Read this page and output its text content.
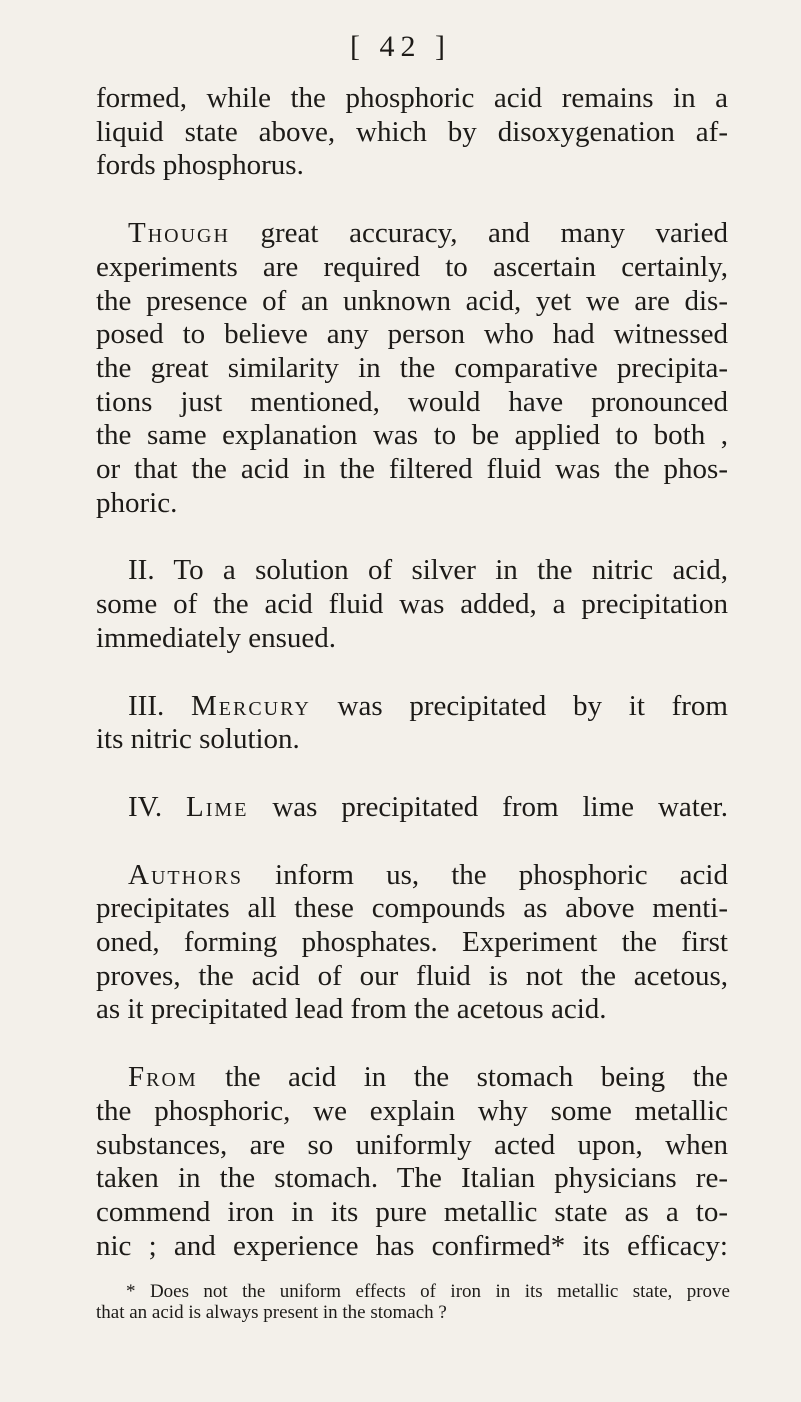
[ 42 ]

formed, while the phosphoric acid remains in a
liquid state above, which by disoxygenation af-
fords phosphorus.

Though great accuracy, and many varied
experiments are required to ascertain certainly,
the presence of an unknown acid, yet we are dis-
posed to believe any person who had witnessed
the great similarity in the comparative precipita-
tions just mentioned, would have pronounced
the same explanation was to be applied to both ,
or that the acid in the filtered fluid was the phos-
phoric.

II. To a solution of silver in the nitric acid,
some of the acid fluid was added, a precipitation
immediately ensued.

III. Mercury was precipitated by it from
its nitric solution.

IV. Lime was precipitated from lime water.

Authors inform us, the phosphoric acid
precipitates all these compounds as above menti-
oned, forming phosphates. Experiment the first
proves, the acid of our fluid is not the acetous,
as it precipitated lead from the acetous acid.

From the acid in the stomach being the
the phosphoric, we explain why some metallic
substances, are so uniformly acted upon, when
taken in the stomach. The Italian physicians re-
commend iron in its pure metallic state as a to-
nic ; and experience has confirmed* its efficacy:

* Does not the uniform effects of iron in its metallic state, prove
that an acid is always present in the stomach ?
